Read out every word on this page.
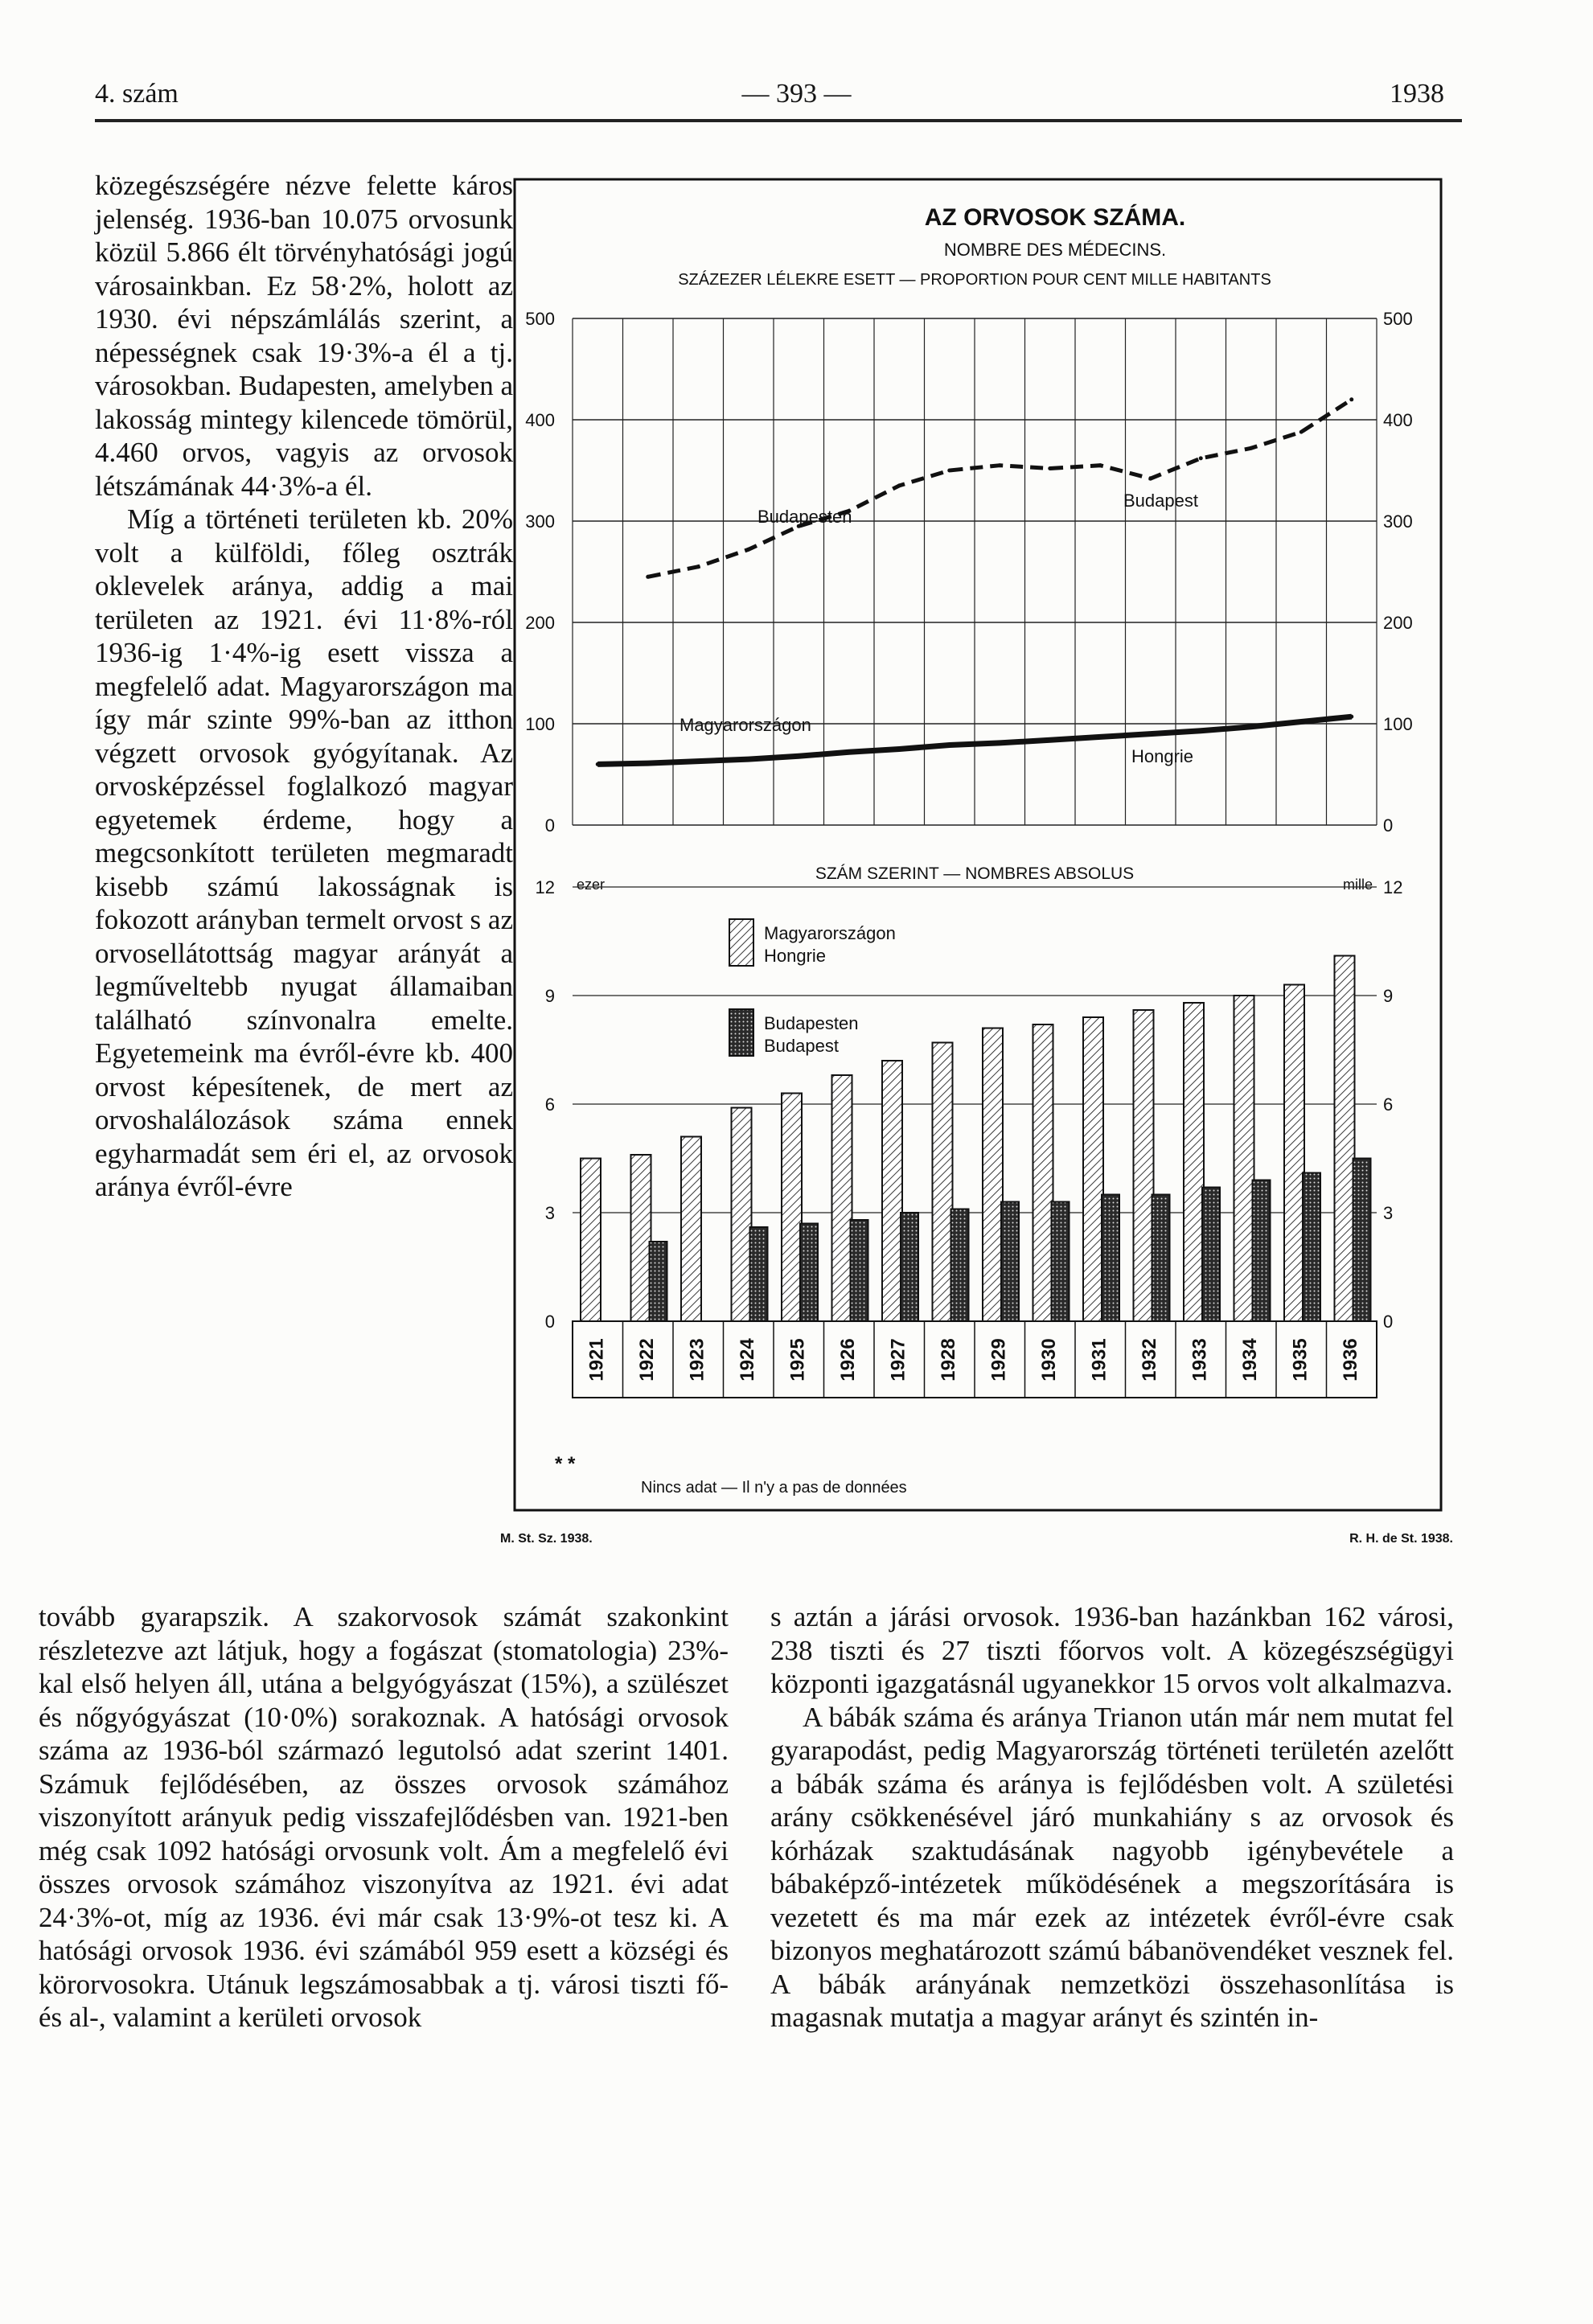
4. szám	— 393 —	1938

közegészségére nézve felette káros jelenség. 1936-ban 10.075 orvosunk közül 5.866 élt törvényhatósági jogú városainkban. Ez 58·2%, holott az 1930. évi népszámlálás szerint, a népességnek csak 19·3%-a él a tj. városokban. Budapesten, amelyben a lakosság mintegy kilencede tömörül, 4.460 orvos, vagyis az orvosok létszámának 44·3%-a él.

Míg a történeti területen kb. 20% volt a külföldi, főleg osztrák oklevelek aránya, addig a mai területen az 1921. évi 11·8%-ról 1936-ig 1·4%-ig esett vissza a megfelelő adat. Magyarországon ma így már szinte 99%-ban az itthon végzett orvosok gyógyítanak. Az orvosképzéssel foglalkozó magyar egyetemek érdeme, hogy a megcsonkított területen megmaradt kisebb számú lakosságnak is fokozott arányban termelt orvost s az orvosellátottság magyar arányát a legműveltebb nyugat államaiban található színvonalra emelte. Egyetemeink ma évről-évre kb. 400 orvost képesítenek, de mert az orvoshalálozások száma ennek egyharmadát sem éri el, az orvosok aránya évről-évre

AZ ORVOSOK SZÁMA.
NOMBRE DES MÉDECINS.
SZÁZEZER LÉLEKRE ESETT — PROPORTION POUR CENT MILLE HABITANTS
0
100
200
300
400
500
0
100
200
300
400
500
Budapesten
Budapest
Magyarországon
Hongrie
SZÁM SZERINT — NOMBRES ABSOLUS
ezer	mille
0
3
6
9
12
0
3
6
9
12
1921 1922 1923 1924 1925 1926 1927 1928 1929 1930 1931 1932 1933 1934 1935 1936
Magyarországon
Hongrie
Budapesten
Budapest
* *
Nincs adat — Il n'y a pas de données
M. St. Sz. 1938.	R. H. de St. 1938.

tovább gyarapszik. A szakorvosok számát szakonkint részletezve azt látjuk, hogy a fogászat (stomatologia) 23%-kal első helyen áll, utána a belgyógyászat (15%), a szülészet és nőgyógyászat (10·0%) sorakoznak. A hatósági orvosok száma az 1936-ból származó legutolsó adat szerint 1401. Számuk fejlődésében, az összes orvosok számához viszonyított arányuk pedig visszafejlődésben van. 1921-ben még csak 1092 hatósági orvosunk volt. Ám a megfelelő évi összes orvosok számához viszonyítva az 1921. évi adat 24·3%-ot, míg az 1936. évi már csak 13·9%-ot tesz ki. A hatósági orvosok 1936. évi számából 959 esett a községi és körorvosokra. Utánuk legszámosabbak a tj. városi tiszti fő- és al-, valamint a kerületi orvosok

s aztán a járási orvosok. 1936-ban hazánkban 162 városi, 238 tiszti és 27 tiszti főorvos volt. A közegészségügyi központi igazgatásnál ugyanekkor 15 orvos volt alkalmazva.

A bábák száma és aránya Trianon után már nem mutat fel gyarapodást, pedig Magyarország történeti területén azelőtt a bábák száma és aránya is fejlődésben volt. A születési arány csökkenésével járó munkahiány s az orvosok és kórházak szaktudásának nagyobb igénybevétele a bábaképző-intézetek működésének a megszorítására is vezetett és ma már ezek az intézetek évről-évre csak bizonyos meghatározott számú bábanövendéket vesznek fel. A bábák arányának nemzetközi összehasonlítása is magasnak mutatja a magyar arányt és szintén in-
